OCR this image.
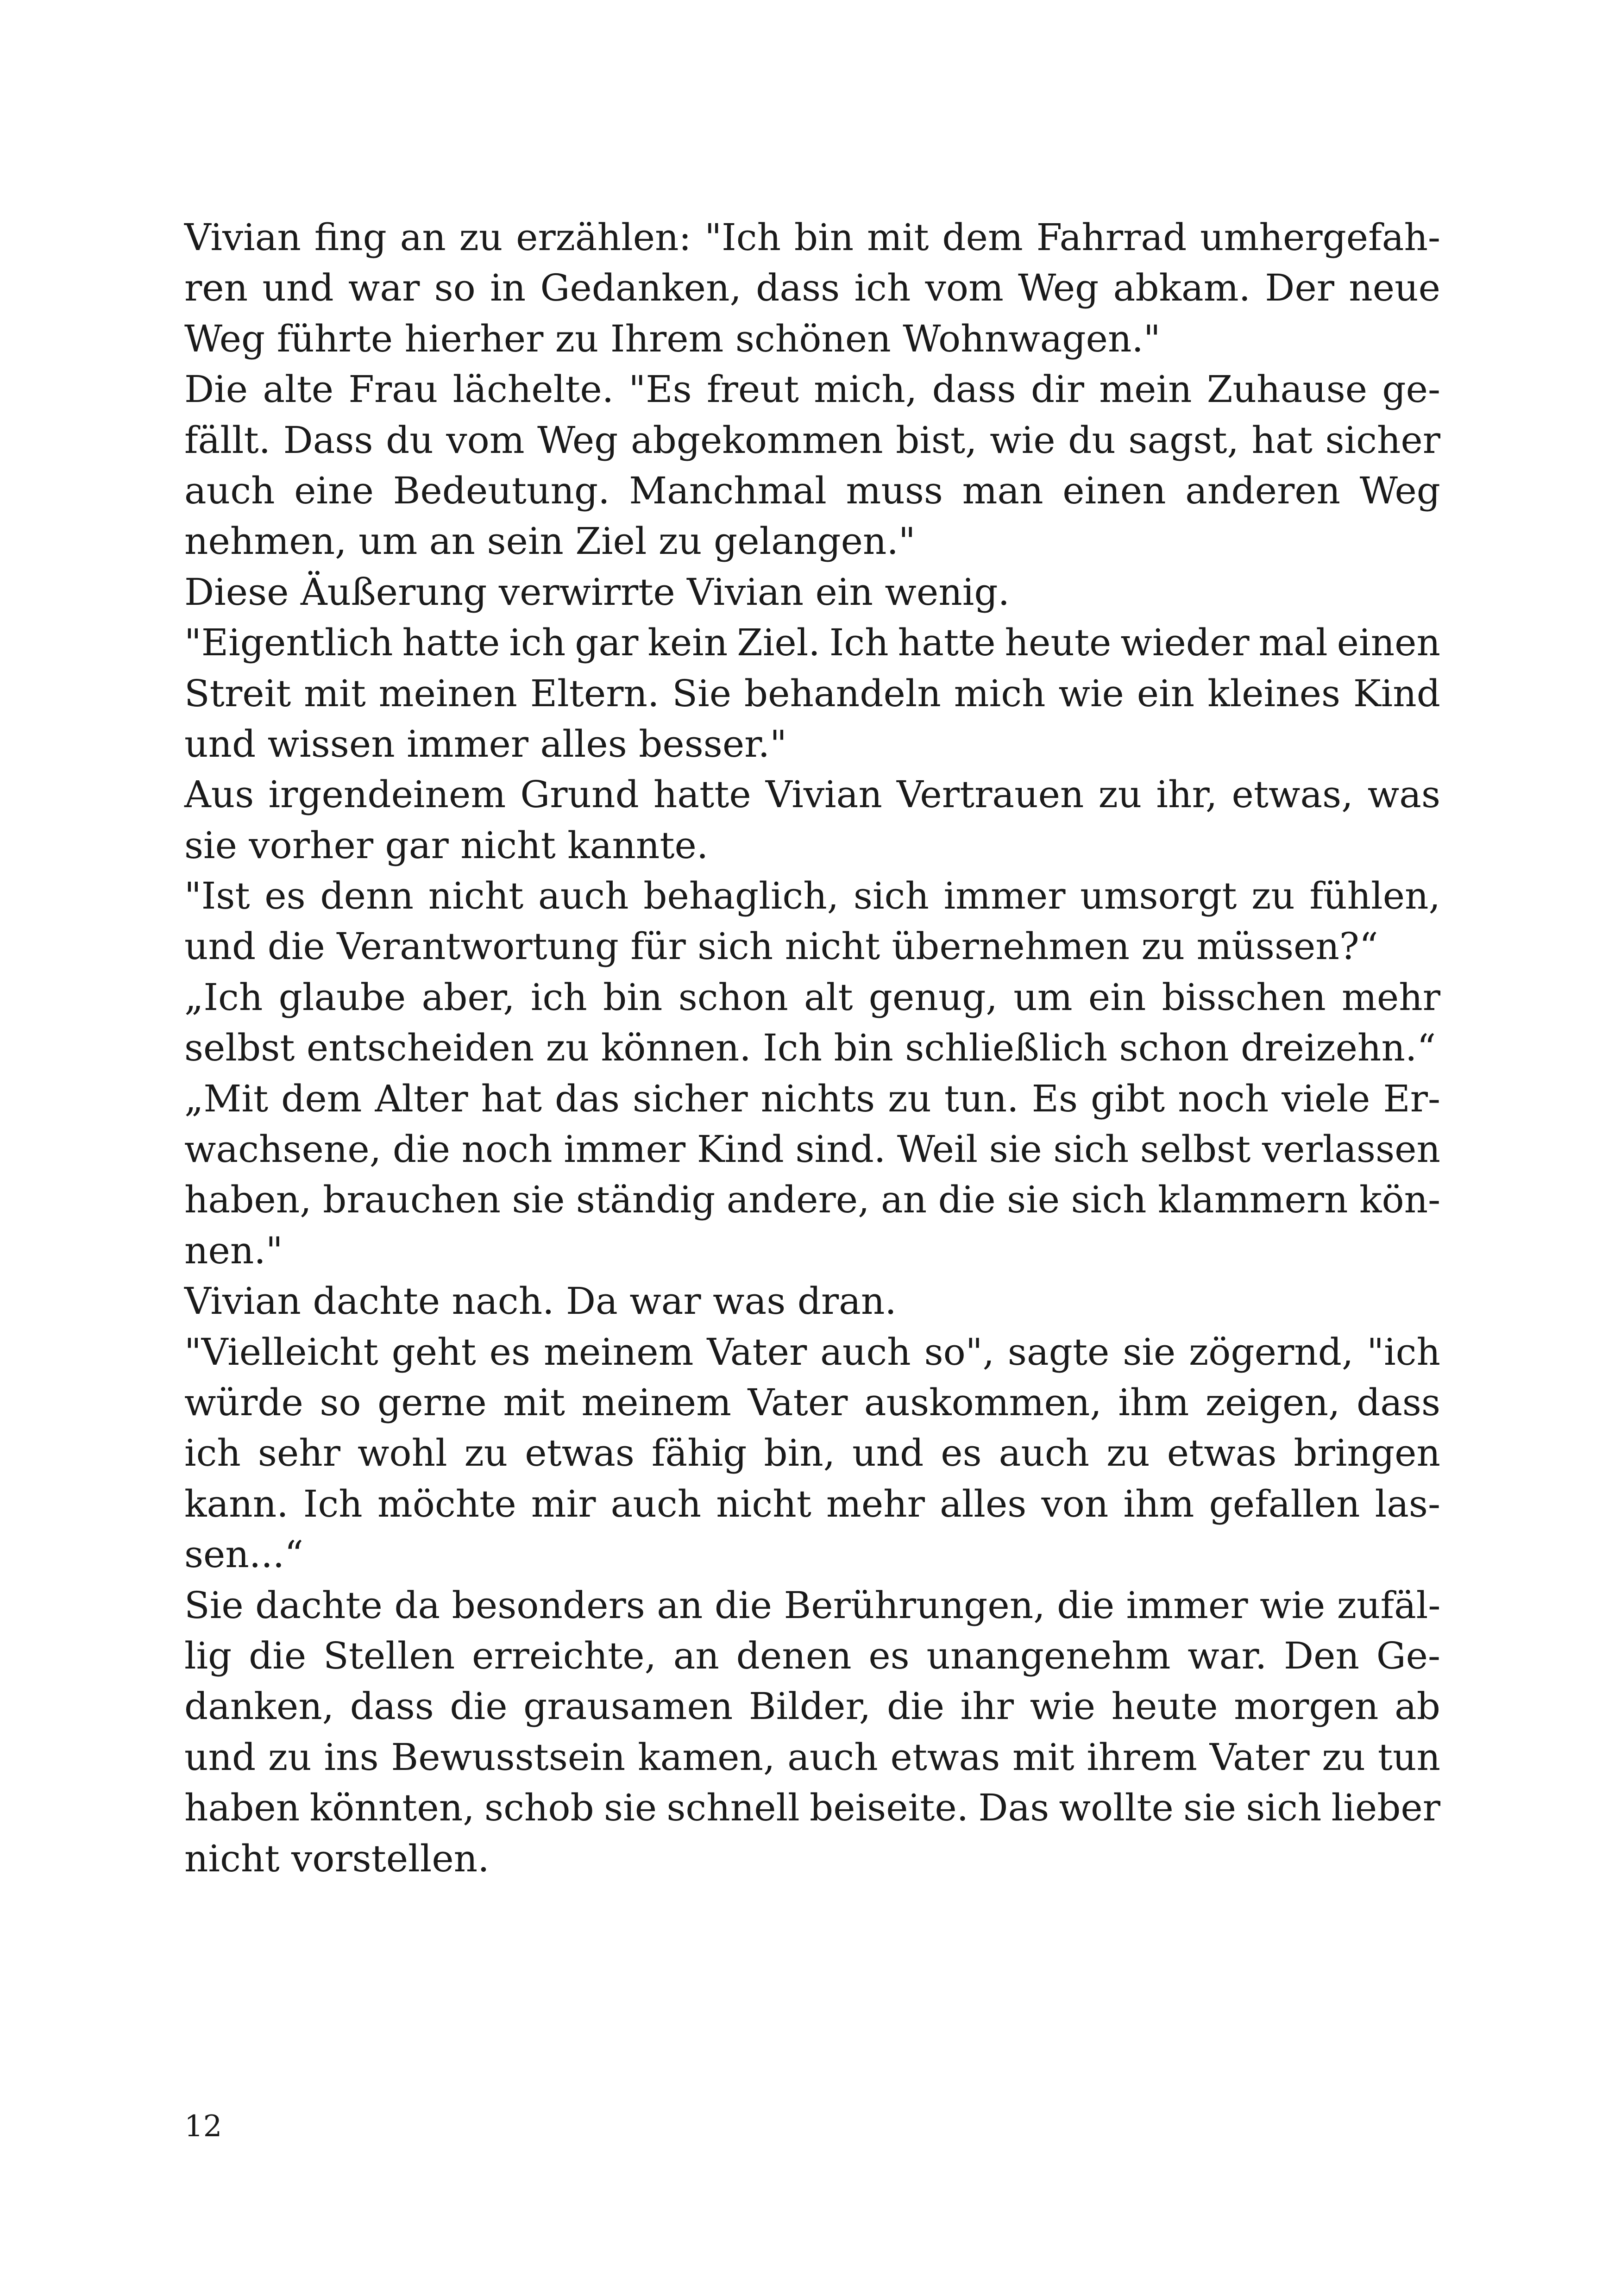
Vivian fing an zu erzählen: "Ich bin mit dem Fahrrad umhergefah-
ren und war so in Gedanken, dass ich vom Weg abkam. Der neue
Weg führte hierher zu Ihrem schönen Wohnwagen."
Die alte Frau lächelte. "Es freut mich, dass dir mein Zuhause ge-
fällt. Dass du vom Weg abgekommen bist, wie du sagst, hat sicher
auch eine Bedeutung. Manchmal muss man einen anderen Weg
nehmen, um an sein Ziel zu gelangen."
Diese Äußerung verwirrte Vivian ein wenig.
"Eigentlich hatte ich gar kein Ziel. Ich hatte heute wieder mal einen
Streit mit meinen Eltern. Sie behandeln mich wie ein kleines Kind
und wissen immer alles besser."
Aus irgendeinem Grund hatte Vivian Vertrauen zu ihr, etwas, was
sie vorher gar nicht kannte.
"Ist es denn nicht auch behaglich, sich immer umsorgt zu fühlen,
und die Verantwortung für sich nicht übernehmen zu müssen?“
„Ich glaube aber, ich bin schon alt genug, um ein bisschen mehr
selbst entscheiden zu können. Ich bin schließlich schon dreizehn.“
„Mit dem Alter hat das sicher nichts zu tun. Es gibt noch viele Er-
wachsene, die noch immer Kind sind. Weil sie sich selbst verlassen
haben, brauchen sie ständig andere, an die sie sich klammern kön-
nen."
Vivian dachte nach. Da war was dran.
"Vielleicht geht es meinem Vater auch so", sagte sie zögernd, "ich
würde so gerne mit meinem Vater auskommen, ihm zeigen, dass
ich sehr wohl zu etwas fähig bin, und es auch zu etwas bringen
kann. Ich möchte mir auch nicht mehr alles von ihm gefallen las-
sen...“
Sie dachte da besonders an die Berührungen, die immer wie zufäl-
lig die Stellen erreichte, an denen es unangenehm war. Den Ge-
danken, dass die grausamen Bilder, die ihr wie heute morgen ab
und zu ins Bewusstsein kamen, auch etwas mit ihrem Vater zu tun
haben könnten, schob sie schnell beiseite. Das wollte sie sich lieber
nicht vorstellen.
12
